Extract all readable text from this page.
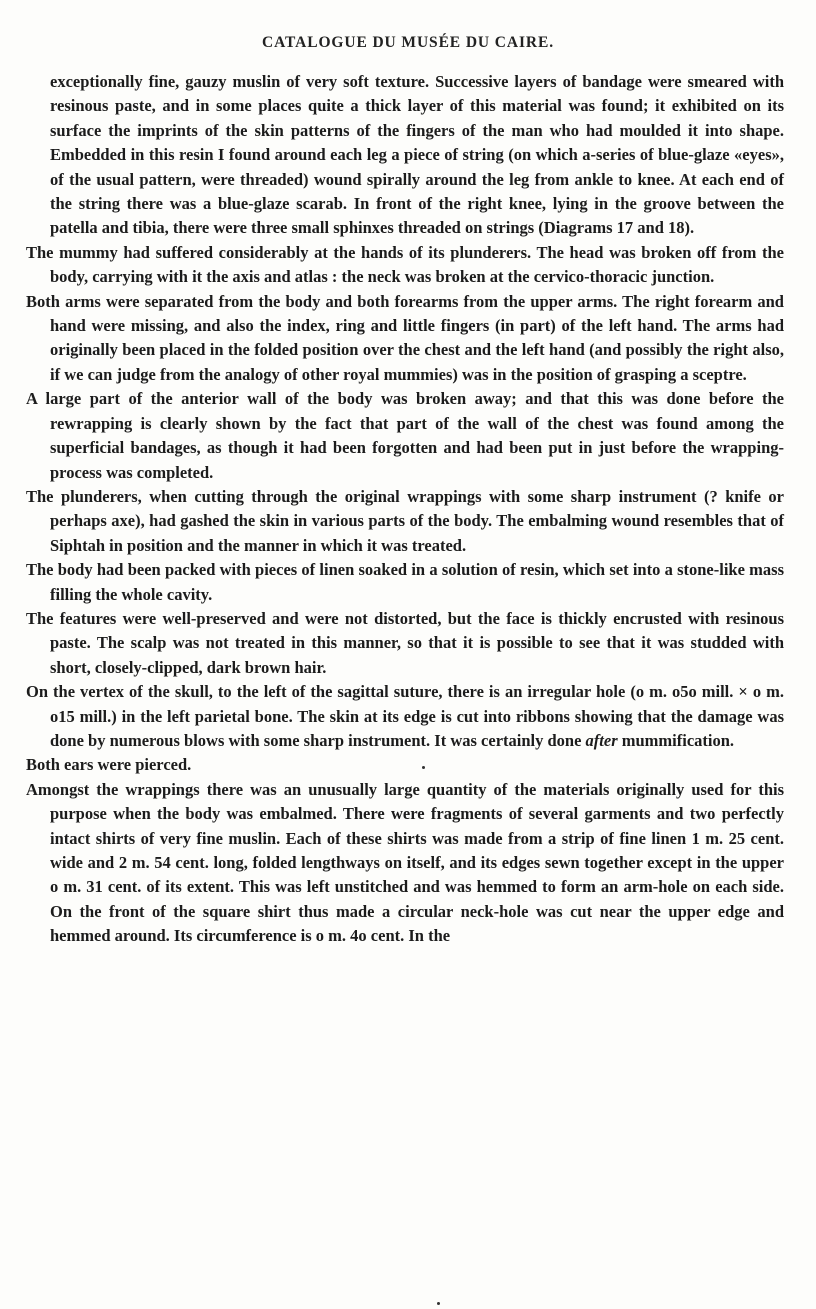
CATALOGUE DU MUSÉE DU CAIRE.

exceptionally fine, gauzy muslin of very soft texture. Successive layers of bandage were smeared with resinous paste, and in some places quite a thick layer of this material was found; it exhibited on its surface the imprints of the skin patterns of the fingers of the man who had moulded it into shape. Embedded in this resin I found around each leg a piece of string (on which a-series of blue-glaze «eyes», of the usual pattern, were threaded) wound spirally around the leg from ankle to knee. At each end of the string there was a blue-glaze scarab. In front of the right knee, lying in the groove between the patella and tibia, there were three small sphinxes threaded on strings (Diagrams 17 and 18).

The mummy had suffered considerably at the hands of its plunderers. The head was broken off from the body, carrying with it the axis and atlas : the neck was broken at the cervico-thoracic junction.

Both arms were separated from the body and both forearms from the upper arms. The right forearm and hand were missing, and also the index, ring and little fingers (in part) of the left hand. The arms had originally been placed in the folded position over the chest and the left hand (and possibly the right also, if we can judge from the analogy of other royal mummies) was in the position of grasping a sceptre.

A large part of the anterior wall of the body was broken away; and that this was done before the rewrapping is clearly shown by the fact that part of the wall of the chest was found among the superficial bandages, as though it had been forgotten and had been put in just before the wrapping-process was completed.

The plunderers, when cutting through the original wrappings with some sharp instrument (? knife or perhaps axe), had gashed the skin in various parts of the body. The embalming wound resembles that of Siphtah in position and the manner in which it was treated.

The body had been packed with pieces of linen soaked in a solution of resin, which set into a stone-like mass filling the whole cavity.

The features were well-preserved and were not distorted, but the face is thickly encrusted with resinous paste. The scalp was not treated in this manner, so that it is possible to see that it was studded with short, closely-clipped, dark brown hair.

On the vertex of the skull, to the left of the sagittal suture, there is an irregular hole (o m. o5o mill. × o m. o15 mill.) in the left parietal bone. The skin at its edge is cut into ribbons showing that the damage was done by numerous blows with some sharp instrument. It was certainly done after mummification.

Both ears were pierced.

Amongst the wrappings there was an unusually large quantity of the materials originally used for this purpose when the body was embalmed. There were fragments of several garments and two perfectly intact shirts of very fine muslin. Each of these shirts was made from a strip of fine linen 1 m. 25 cent. wide and 2 m. 54 cent. long, folded lengthways on itself, and its edges sewn together except in the upper o m. 31 cent. of its extent. This was left unstitched and was hemmed to form an arm-hole on each side. On the front of the square shirt thus made a circular neck-hole was cut near the upper edge and hemmed around. Its circumference is o m. 4o cent. In the
